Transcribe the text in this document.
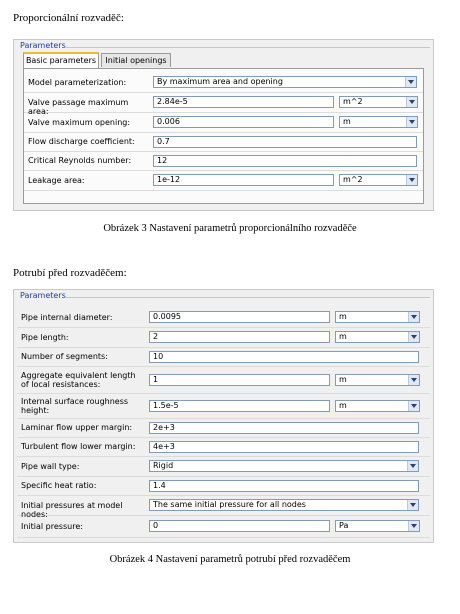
Proporcionální rozvaděč:
Parameters
Basic parameters	Initial openings
Model parameterization:	By maximum area and opening
Valve passage maximum area:
2.84e-5	m^2
Valve maximum opening:	0.006	m
Flow discharge coefficient:	0.7
Critical Reynolds number:	12
Leakage area:	1e-12	m^2
Obrázek 3 Nastavení parametrů proporcionálního rozvaděče
Potrubí před rozvaděčem:
Parameters
Pipe internal diameter:	0.0095	m
Pipe length:	2	m
Number of segments:	10
Aggregate equivalent length of local resistances:
1	m
Internal surface roughness height:
1.5e-5	m
Laminar flow upper margin:	2e+3
Turbulent flow lower margin:	4e+3
Pipe wall type:	Rigid
Specific heat ratio:	1.4
Initial pressures at model nodes:
The same initial pressure for all nodes
Initial pressure:	0	Pa
Obrázek 4 Nastavení parametrů potrubí před rozvaděčem
